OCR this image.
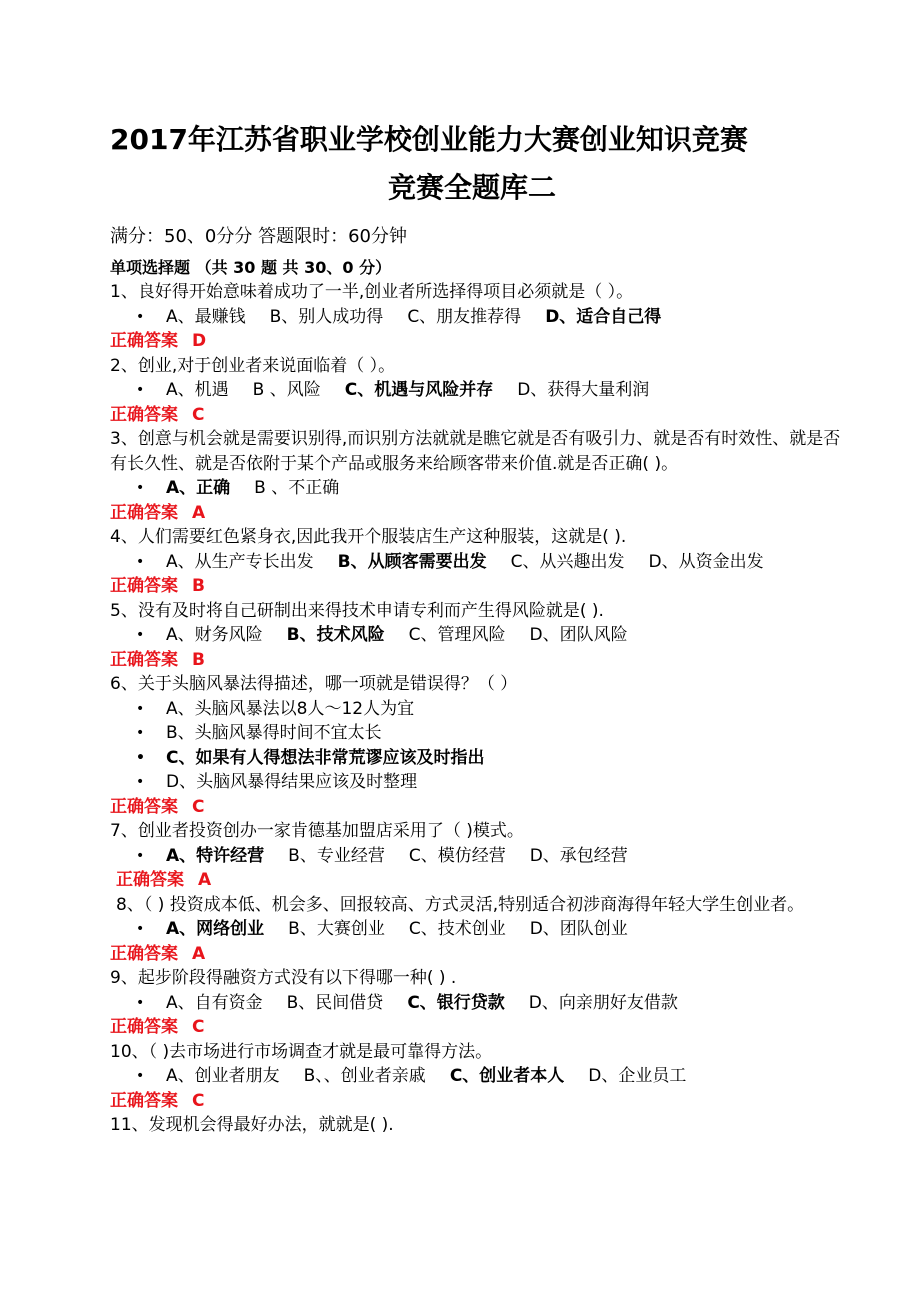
2017年江苏省职业学校创业能力大赛创业知识竞赛
竞赛全题库二
满分：50、0分分 答题限时：60分钟
单项选择题 （共 30 题 共 30、0 分）
1、良好得开始意味着成功了一半,创业者所选择得项目必须就是（ ）。
• A、最赚钱 B、别人成功得 C、朋友推荐得 D、适合自己得
正确答案 D
2、创业,对于创业者来说面临着（ ）。
• A、机遇 B 、风险 C、机遇与风险并存 D、获得大量利润
正确答案 C
3、创意与机会就是需要识别得,而识别方法就就是瞧它就是否有吸引力、就是否有时效性、就是否有长久性、就是否依附于某个产品或服务来给顾客带来价值.就是否正确( )。
• A、正确 B 、不正确
正确答案 A
4、人们需要红色紧身衣,因此我开个服装店生产这种服装，这就是( ).
• A、从生产专长出发 B、从顾客需要出发 C、从兴趣出发 D、从资金出发
正确答案 B
5、没有及时将自己研制出来得技术申请专利而产生得风险就是( ).
• A、财务风险 B、技术风险 C、管理风险 D、团队风险
正确答案 B
6、关于头脑风暴法得描述，哪一项就是错误得？（ ）
• A、头脑风暴法以8人～12人为宜
• B、头脑风暴得时间不宜太长
• C、如果有人得想法非常荒谬应该及时指出
• D、头脑风暴得结果应该及时整理
正确答案 C
7、创业者投资创办一家肯德基加盟店采用了（ )模式。
• A、特许经营 B、专业经营 C、模仿经营 D、承包经营
正确答案 A
8、（ ) 投资成本低、机会多、回报较高、方式灵活,特别适合初涉商海得年轻大学生创业者。
• A、网络创业 B、大赛创业 C、技术创业 D、团队创业
正确答案 A
9、起步阶段得融资方式没有以下得哪一种( ) .
• A、自有资金 B、民间借贷 C、银行贷款 D、向亲朋好友借款
正确答案 C
10、（ )去市场进行市场调查才就是最可靠得方法。
• A、创业者朋友 B、、创业者亲戚 C、创业者本人 D、企业员工
正确答案 C
11、发现机会得最好办法，就就是( ).
